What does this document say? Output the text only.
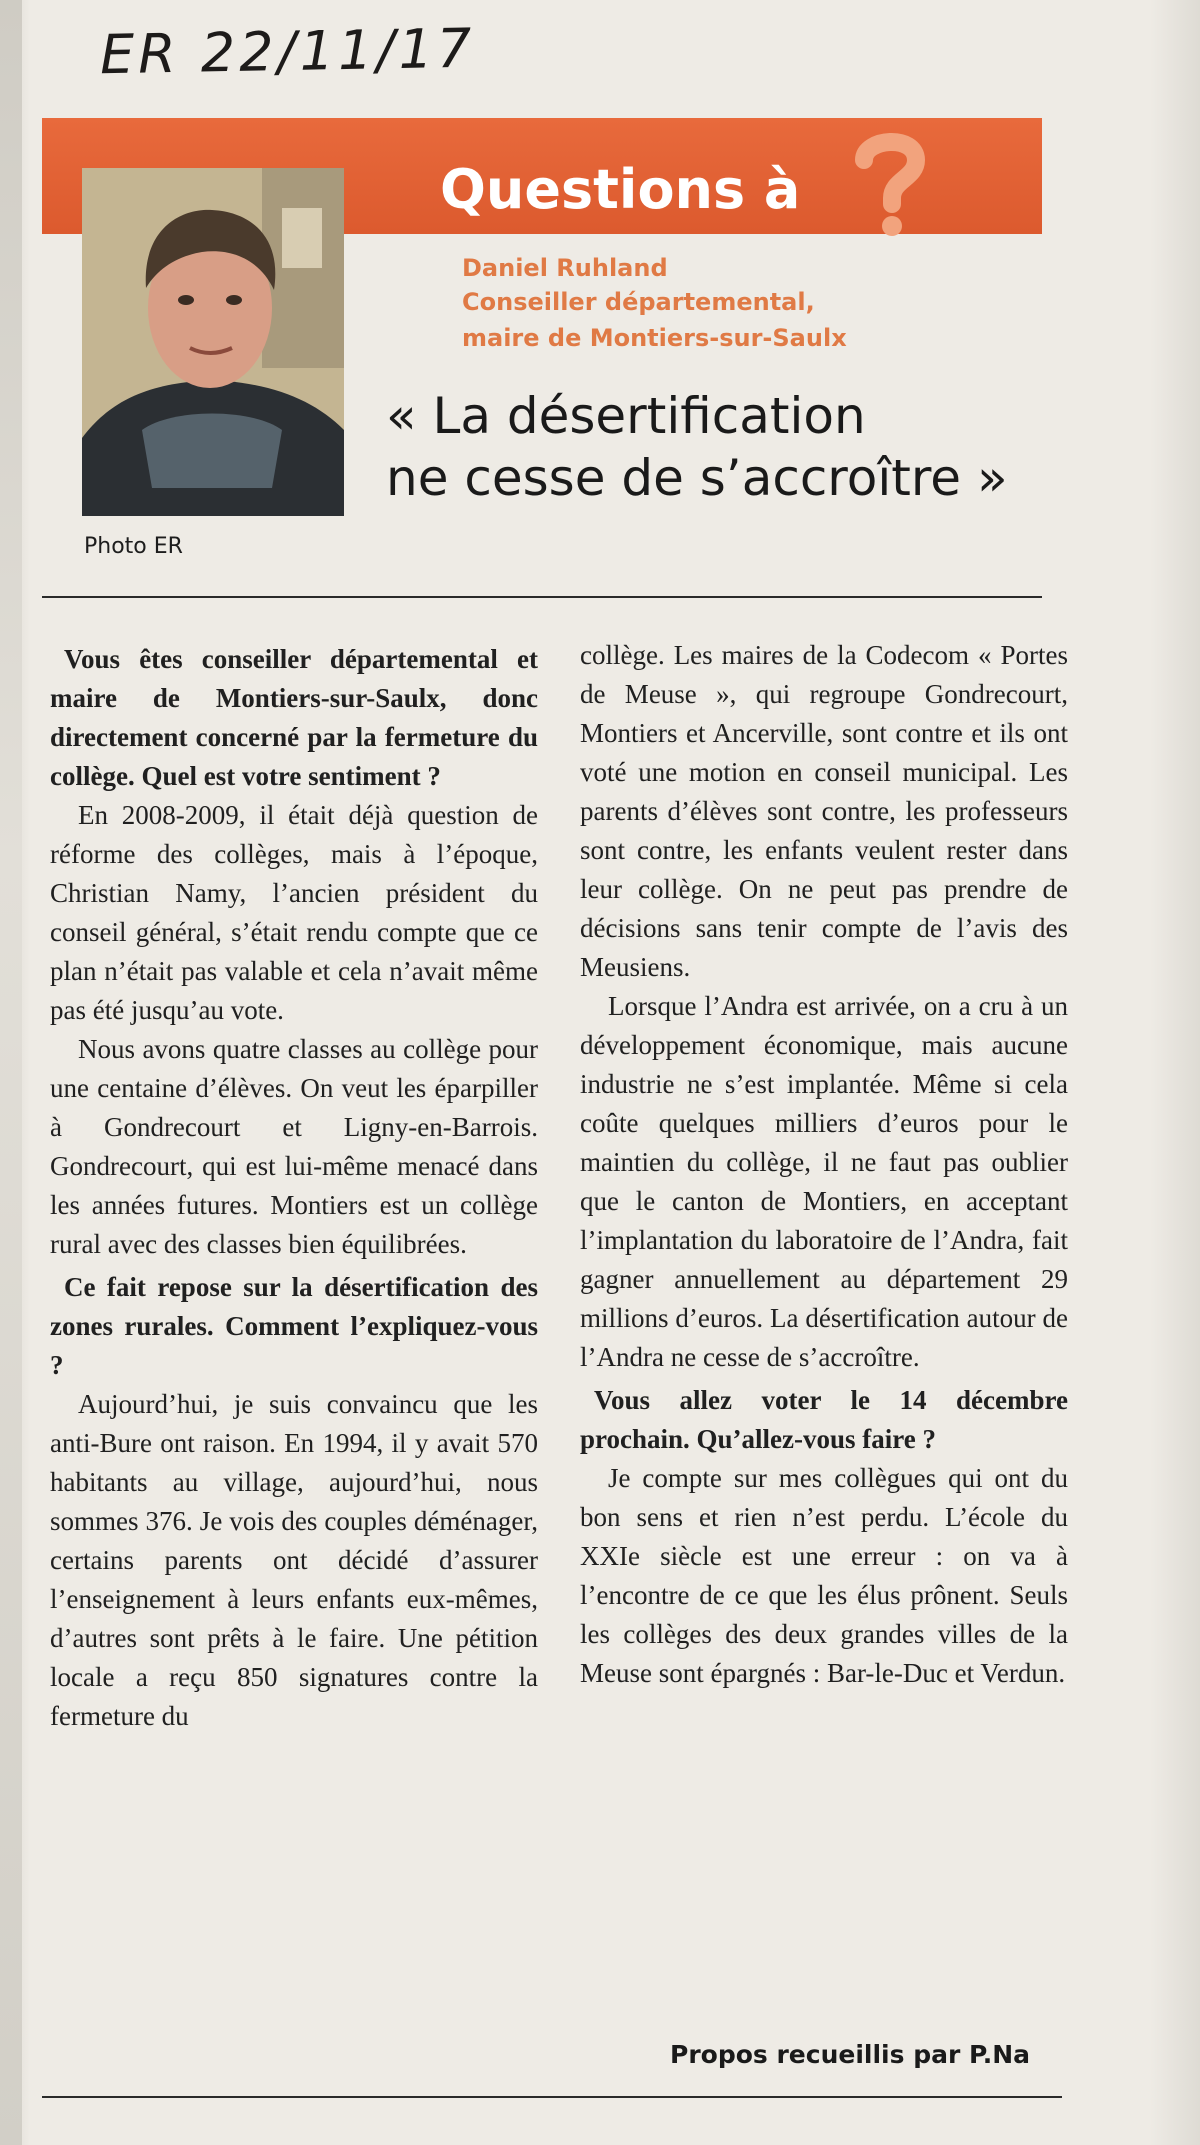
ER 22/11/17
Questions à
Photo ER
Daniel Ruhland
Conseiller départemental,
maire de Montiers-sur-Saulx
« La désertification
ne cesse de s’accroître »

Vous êtes conseiller départemental et maire de Montiers-sur-Saulx, donc directement concerné par la fermeture du collège. Quel est votre sentiment ?

En 2008-2009, il était déjà question de réforme des collèges, mais à l’époque, Christian Namy, l’ancien président du conseil général, s’était rendu compte que ce plan n’était pas valable et cela n’avait même pas été jusqu’au vote.

Nous avons quatre classes au collège pour une centaine d’élèves. On veut les éparpiller à Gondrecourt et Ligny-en-Barrois. Gondrecourt, qui est lui-même menacé dans les années futures. Montiers est un collège rural avec des classes bien équilibrées.

Ce fait repose sur la désertification des zones rurales. Comment l’expliquez-vous ?

Aujourd’hui, je suis convaincu que les anti-Bure ont raison. En 1994, il y avait 570 habitants au village, aujourd’hui, nous sommes 376. Je vois des couples déménager, certains parents ont décidé d’assurer l’enseignement à leurs enfants eux-mêmes, d’autres sont prêts à le faire. Une pétition locale a reçu 850 signatures contre la fermeture du

collège. Les maires de la Codecom « Portes de Meuse », qui regroupe Gondrecourt, Montiers et Ancerville, sont contre et ils ont voté une motion en conseil municipal. Les parents d’élèves sont contre, les professeurs sont contre, les enfants veulent rester dans leur collège. On ne peut pas prendre de décisions sans tenir compte de l’avis des Meusiens.

Lorsque l’Andra est arrivée, on a cru à un développement économique, mais aucune industrie ne s’est implantée. Même si cela coûte quelques milliers d’euros pour le maintien du collège, il ne faut pas oublier que le canton de Montiers, en acceptant l’implantation du laboratoire de l’Andra, fait gagner annuellement au département 29 millions d’euros. La désertification autour de l’Andra ne cesse de s’accroître.

Vous allez voter le 14 décembre prochain. Qu’allez-vous faire ?

Je compte sur mes collègues qui ont du bon sens et rien n’est perdu. L’école du XXIe siècle est une erreur : on va à l’encontre de ce que les élus prônent. Seuls les collèges des deux grandes villes de la Meuse sont épargnés : Bar-le-Duc et Verdun.

Propos recueillis par P.Na
